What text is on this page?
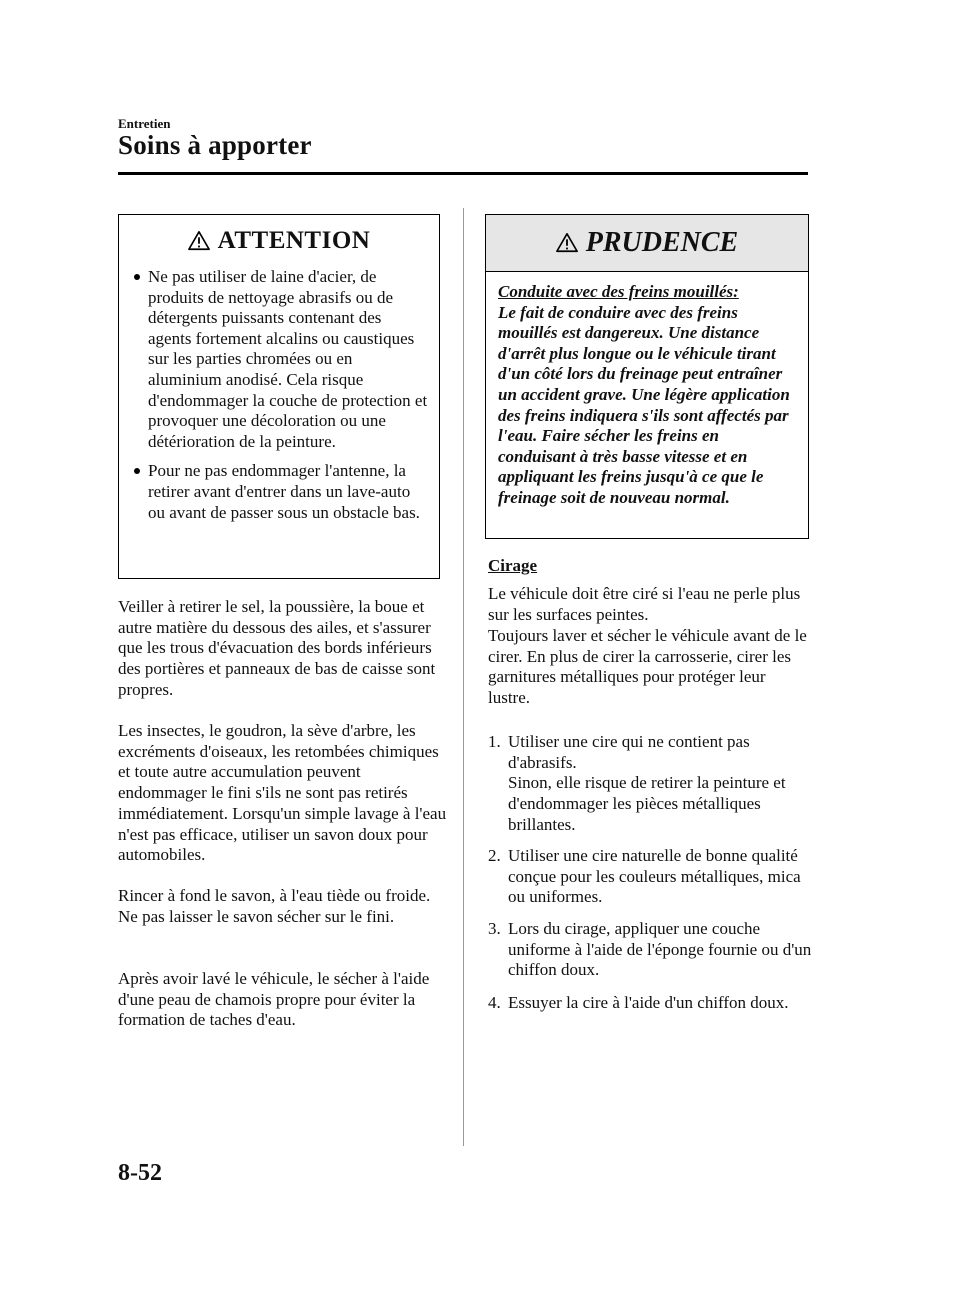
Entretien
Soins à apporter
ATTENTION
Ne pas utiliser de laine d'acier, de produits de nettoyage abrasifs ou de détergents puissants contenant des agents fortement alcalins ou caustiques sur les parties chromées ou en aluminium anodisé. Cela risque d'endommager la couche de protection et provoquer une décoloration ou une détérioration de la peinture.
Pour ne pas endommager l'antenne, la retirer avant d'entrer dans un lave-auto ou avant de passer sous un obstacle bas.

Veiller à retirer le sel, la poussière, la boue et autre matière du dessous des ailes, et s'assurer que les trous d'évacuation des bords inférieurs des portières et panneaux de bas de caisse sont propres.

Les insectes, le goudron, la sève d'arbre, les excréments d'oiseaux, les retombées chimiques et toute autre accumulation peuvent endommager le fini s'ils ne sont pas retirés immédiatement. Lorsqu'un simple lavage à l'eau n'est pas efficace, utiliser un savon doux pour automobiles.

Rincer à fond le savon, à l'eau tiède ou froide. Ne pas laisser le savon sécher sur le fini.

Après avoir lavé le véhicule, le sécher à l'aide d'une peau de chamois propre pour éviter la formation de taches d'eau.

PRUDENCE
Conduite avec des freins mouillés:
Le fait de conduire avec des freins mouillés est dangereux. Une distance d'arrêt plus longue ou le véhicule tirant d'un côté lors du freinage peut entraîner un accident grave. Une légère application des freins indiquera s'ils sont affectés par l'eau. Faire sécher les freins en conduisant à très basse vitesse et en appliquant les freins jusqu'à ce que le freinage soit de nouveau normal.
Cirage

Le véhicule doit être ciré si l'eau ne perle plus sur les surfaces peintes.

Toujours laver et sécher le véhicule avant de le cirer. En plus de cirer la carrosserie, cirer les garnitures métalliques pour protéger leur lustre.

1. Utiliser une cire qui ne contient pas d'abrasifs.
Sinon, elle risque de retirer la peinture et d'endommager les pièces métalliques brillantes.
2. Utiliser une cire naturelle de bonne qualité conçue pour les couleurs métalliques, mica ou uniformes.
3. Lors du cirage, appliquer une couche uniforme à l'aide de l'éponge fournie ou d'un chiffon doux.
4. Essuyer la cire à l'aide d'un chiffon doux.
8-52
